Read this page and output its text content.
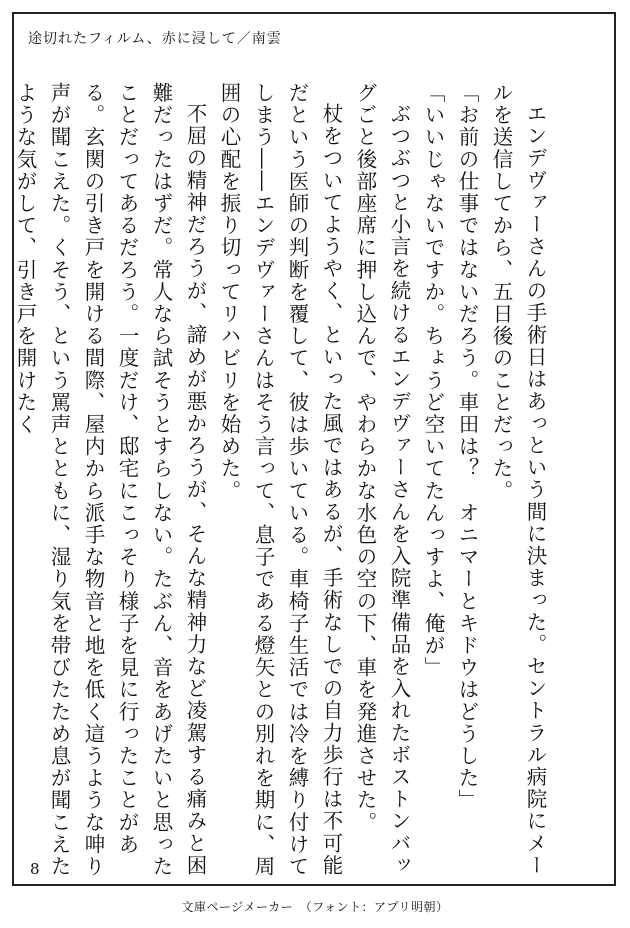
途切れたフィルム、赤に浸して／南雲

エンデヴァーさんの手術日はあっという間に決まった。セントラル病院にメールを送信してから、五日後のことだった。

「お前の仕事ではないだろう。車田は？　オニマーとキドウはどうした」

「いいじゃないですか。ちょうど空いてたんっすよ、俺が」

ぶつぶつと小言を続けるエンデヴァーさんを入院準備品を入れたボストンバッグごと後部座席に押し込んで、やわらかな水色の空の下、車を発進させた。

杖をついてようやく、といった風ではあるが、手術なしでの自力歩行は不可能だという医師の判断を覆して、彼は歩いている。車椅子生活では冷を縛り付けてしまう――エンデヴァーさんはそう言って、息子である燈矢との別れを期に、周囲の心配を振り切ってリハビリを始めた。

不屈の精神だろうが、諦めが悪かろうが、そんな精神力など凌駕する痛みと困難だったはずだ。常人なら試そうとすらしない。たぶん、音をあげたいと思ったことだってあるだろう。一度だけ、邸宅にこっそり様子を見に行ったことがある。玄関の引き戸を開ける間際、屋内から派手な物音と地を低く這うような呻り声が聞こえた。くそう、という罵声とともに、湿り気を帯びたため息が聞こえたような気がして、引き戸を開けたく

8
文庫ページメーカー　（フォント：アプリ明朝）
